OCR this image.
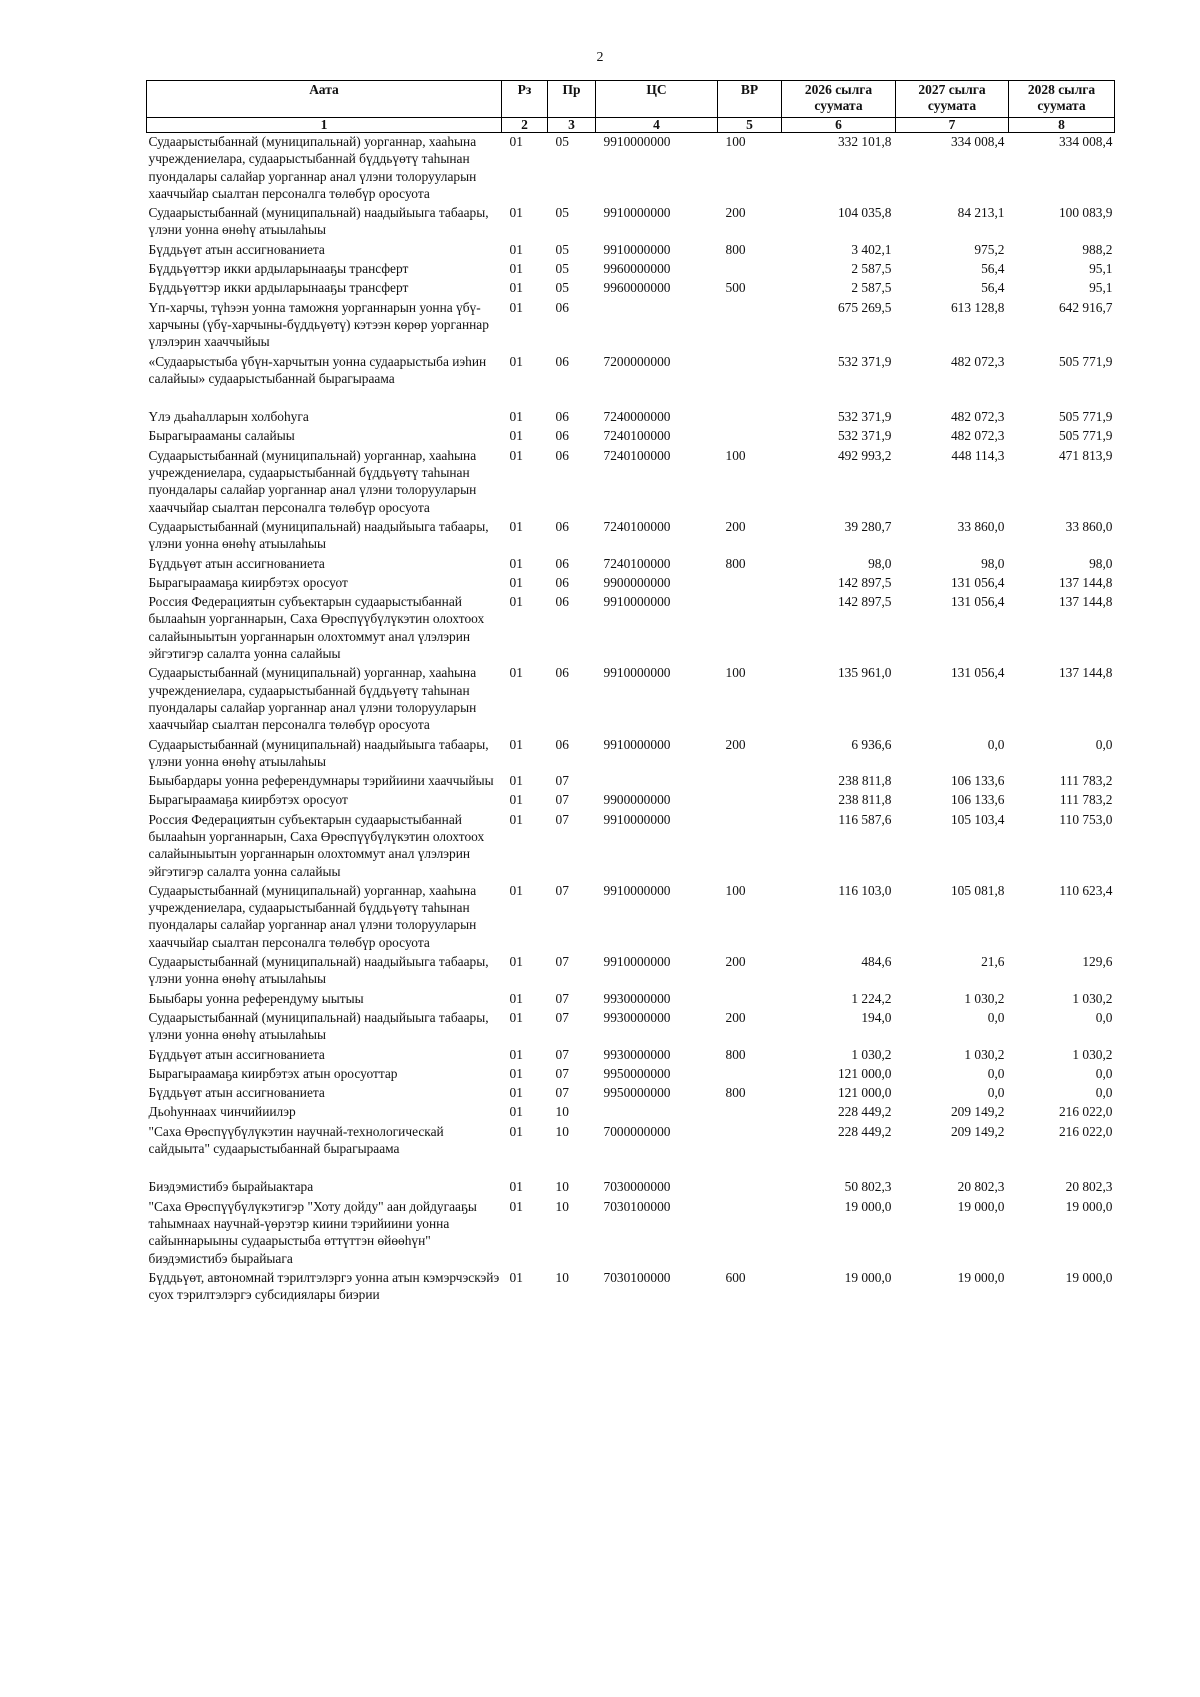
2
Аата	Рз	Пр	ЦС	ВР	2026 сылга суумата	2027 сылга суумата	2028 сылга суумата
1	2	3	4	5	6	7	8
Судаарыстыбаннай (муниципальнай) уорганнар, хааһына учреждениелара, судаарыстыбаннай бүддьүөтү таһынан пуондалары салайар уорганнар анал үлэни толорууларын хааччыйар сыалтан персоналга төлөбүр оросуота	01	05	9910000000	100	332 101,8	334 008,4	334 008,4
Судаарыстыбаннай (муниципальнай) наадыйыыга табаары, үлэни уонна өнөһү атыылаһыы	01	05	9910000000	200	104 035,8	84 213,1	100 083,9
Бүддьүөт атын ассигнованиета	01	05	9910000000	800	3 402,1	975,2	988,2
Бүддьүөттэр икки ардыларынааҕы трансферт	01	05	9960000000		2 587,5	56,4	95,1
Бүддьүөттэр икки ардыларынааҕы трансферт	01	05	9960000000	500	2 587,5	56,4	95,1
Үп-харчы, түһээн уонна таможня уорганнарын уонна үбү-харчыны (үбү-харчыны-бүддьүөтү) кэтээн көрөр уорганнар үлэлэрин хааччыйыы	01	06			675 269,5	613 128,8	642 916,7
«Судаарыстыба үбүн-харчытын уонна судаарыстыба иэһин салайыы» судаарыстыбаннай бырагыраама	01	06	7200000000		532 371,9	482 072,3	505 771,9
Үлэ дьаһалларын холбоһуга	01	06	7240000000		532 371,9	482 072,3	505 771,9
Бырагырааманы салайыы	01	06	7240100000		532 371,9	482 072,3	505 771,9
Судаарыстыбаннай (муниципальнай) уорганнар, хааһына учреждениелара, судаарыстыбаннай бүддьүөтү таһынан пуондалары салайар уорганнар анал үлэни толорууларын хааччыйар сыалтан персоналга төлөбүр оросуота	01	06	7240100000	100	492 993,2	448 114,3	471 813,9
Судаарыстыбаннай (муниципальнай) наадыйыыга табаары, үлэни уонна өнөһү атыылаһыы	01	06	7240100000	200	39 280,7	33 860,0	33 860,0
Бүддьүөт атын ассигнованиета	01	06	7240100000	800	98,0	98,0	98,0
Бырагыраамаҕа киирбэтэх оросуот	01	06	9900000000		142 897,5	131 056,4	137 144,8
Россия Федерациятын субъектарын судаарыстыбаннай былааһын уорганнарын, Саха Өрөспүүбүлүкэтин олохтоох салайыныытын уорганнарын олохтоммут анал үлэлэрин эйгэтигэр салалта уонна салайыы	01	06	9910000000		142 897,5	131 056,4	137 144,8
Судаарыстыбаннай (муниципальнай) уорганнар, хааһына учреждениелара, судаарыстыбаннай бүддьүөтү таһынан пуондалары салайар уорганнар анал үлэни толорууларын хааччыйар сыалтан персоналга төлөбүр оросуота	01	06	9910000000	100	135 961,0	131 056,4	137 144,8
Судаарыстыбаннай (муниципальнай) наадыйыыга табаары, үлэни уонна өнөһү атыылаһыы	01	06	9910000000	200	6 936,6	0,0	0,0
Быыбардары уонна референдумнары тэрийиини хааччыйыы	01	07			238 811,8	106 133,6	111 783,2
Бырагыраамаҕа киирбэтэх оросуот	01	07	9900000000		238 811,8	106 133,6	111 783,2
Россия Федерациятын субъектарын судаарыстыбаннай былааһын уорганнарын, Саха Өрөспүүбүлүкэтин олохтоох салайыныытын уорганнарын олохтоммут анал үлэлэрин эйгэтигэр салалта уонна салайыы	01	07	9910000000		116 587,6	105 103,4	110 753,0
Судаарыстыбаннай (муниципальнай) уорганнар, хааһына учреждениелара, судаарыстыбаннай бүддьүөтү таһынан пуондалары салайар уорганнар анал үлэни толорууларын хааччыйар сыалтан персоналга төлөбүр оросуота	01	07	9910000000	100	116 103,0	105 081,8	110 623,4
Судаарыстыбаннай (муниципальнай) наадыйыыга табаары, үлэни уонна өнөһү атыылаһыы	01	07	9910000000	200	484,6	21,6	129,6
Быыбары уонна референдуму ыытыы	01	07	9930000000		1 224,2	1 030,2	1 030,2
Судаарыстыбаннай (муниципальнай) наадыйыыга табаары, үлэни уонна өнөһү атыылаһыы	01	07	9930000000	200	194,0	0,0	0,0
Бүддьүөт атын ассигнованиета	01	07	9930000000	800	1 030,2	1 030,2	1 030,2
Бырагыраамаҕа киирбэтэх атын оросуоттар	01	07	9950000000		121 000,0	0,0	0,0
Бүддьүөт атын ассигнованиета	01	07	9950000000	800	121 000,0	0,0	0,0
Дьоһуннаах чинчийиилэр	01	10			228 449,2	209 149,2	216 022,0
"Саха Өрөспүүбүлүкэтин научнай-технологическай сайдыыта" судаарыстыбаннай бырагыраама	01	10	7000000000		228 449,2	209 149,2	216 022,0
Биэдэмистибэ бырайыактара	01	10	7030000000		50 802,3	20 802,3	20 802,3
"Саха Өрөспүүбүлүкэтигэр "Хоту дойду" аан дойдугааҕы таһымнаах научнай-үөрэтэр киини тэрийиини уонна сайыннарыыны судаарыстыба өттүттэн өйөөһүн" биэдэмистибэ бырайыага	01	10	7030100000		19 000,0	19 000,0	19 000,0
Бүддьүөт, автономнай тэрилтэлэргэ уонна атын кэмэрчэскэйэ суох тэрилтэлэргэ субсидиялары биэрии	01	10	7030100000	600	19 000,0	19 000,0	19 000,0
